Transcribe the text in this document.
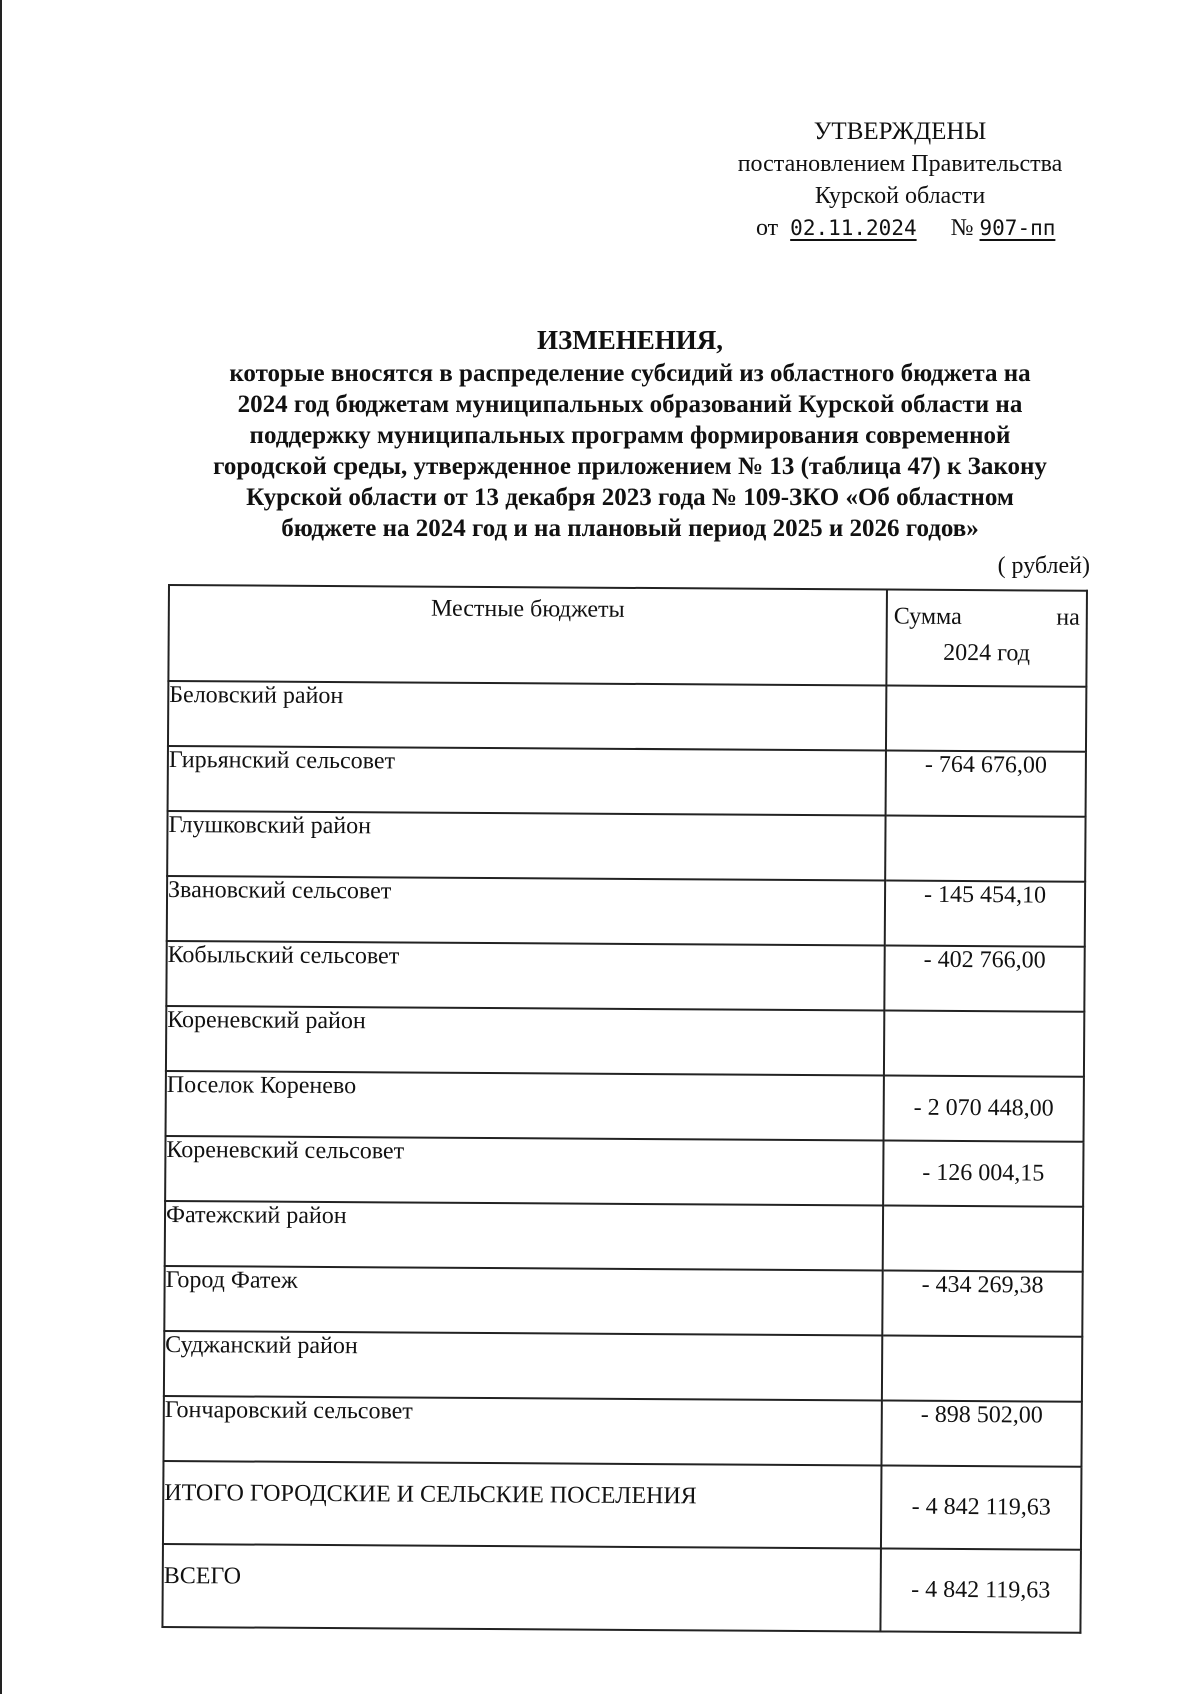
УТВЕРЖДЕНЫ
постановлением Правительства
Курской области
от 02.11.2024 № 907-пп
ИЗМЕНЕНИЯ,
которые вносятся в распределение субсидий из областного бюджета на
2024 год бюджетам муниципальных образований Курской области на
поддержку муниципальных программ формирования современной
городской среды, утвержденное приложением № 13 (таблица 47) к Закону
Курской области от 13 декабря 2023 года № 109-ЗКО «Об областном
бюджете на 2024 год и на плановый период 2025 и 2026 годов»
( рублей)
Местные бюджеты	Сумма на
2024 год

Беловский район	
Гирьянский сельсовет	- 764 676,00
Глушковский район	
Звановский сельсовет	- 145 454,10
Кобыльский сельсовет	- 402 766,00
Кореневский район	
Поселок Коренево	- 2 070 448,00
Кореневский сельсовет	- 126 004,15
Фатежский район	
Город Фатеж	- 434 269,38
Суджанский район	
Гончаровский сельсовет	- 898 502,00
ИТОГО ГОРОДСКИЕ И СЕЛЬСКИЕ ПОСЕЛЕНИЯ	- 4 842 119,63
ВСЕГО	- 4 842 119,63
